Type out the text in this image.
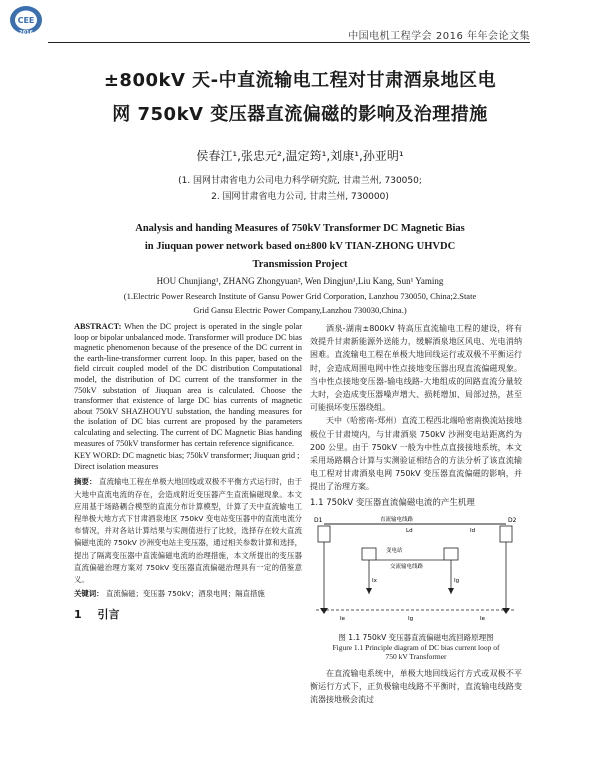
CEE
2016	中国电机工程学会 2016 年年会论文集
±800kV 天-中直流输电工程对甘肃酒泉地区电
网 750kV 变压器直流偏磁的影响及治理措施
侯春江¹,张忠元²,温定筠¹,刘康¹,孙亚明¹
(1. 国网甘肃省电力公司电力科学研究院, 甘肃兰州, 730050;
2. 国网甘肃省电力公司, 甘肃兰州, 730000)
Analysis and handing Measures of 750kV Transformer DC Magnetic Bias
in Jiuquan power network based on±800 kV TIAN-ZHONG UHVDC
Transmission Project
HOU Chunjiang¹, ZHANG Zhongyuan², Wen Dingjun¹,Liu Kang, Sun¹ Yaming
(1.Electric Power Research Institute of Gansu Power Grid Corporation, Lanzhou 730050, China;2.State
Grid Gansu Electric Power Company,Lanzhou 730030,China.)

ABSTRACT: When the DC project is operated in the single polar loop or bipolar unbalanced mode. Transformer will produce DC bias magnetic phenomenon because of the presence of the DC current in the earth-line-transformer current loop. In this paper, based on the field circuit coupled model of the DC distribution Computational model, the distribution of DC current of the transformer in the 750kV substation of Jiuquan area is calculated. Choose the transformer that existence of large DC bias currents of magnetic about 750kV SHAZHOUYU substation, the handing measures for the isolation of DC bias current are proposed by the parameters calculating and selecting. The current of DC Magnetic Bias handing measures of 750kV transformer has certain reference significance.

KEY WORD: DC magnetic bias; 750kV transformer; Jiuquan grid ; Direct isolation measures

摘要： 直流输电工程在单极大地回线或双极不平衡方式运行时，由于大地中直流电流的存在，会造成附近变压器产生直流偏磁现象。本文应用基于场路耦合模型的直流分布计算模型，计算了天中直流输电工程单极大地方式下甘肃酒泉地区 750kV 变电站变压器中的直流电流分布情况，并对各站计算结果与实测值进行了比较，选择存在较大直流偏磁电流的 750kV 沙洲变电站主变压器，通过相关参数计算和选择，提出了隔离变压器中直流偏磁电流的治理措施，本文所提出的变压器直流偏磁治理方案对 750kV 变压器直流偏磁治理具有一定的借鉴意义。

关键词： 直流偏磁；变压器 750kV；酒泉电网；隔直措施

1 引言

酒泉-湖南±800kV 特高压直流输电工程的建设，将有效提升甘肃新能源外送能力，缓解酒泉地区风电、光电消纳困难。直流输电工程在单极大地回线运行或双极不平衡运行时，会造成周围电网中性点接地变压器出现直流偏磁现象。当中性点接地变压器-输电线路-大地组成的回路直流分量较大时，会造成变压器噪声增大、损耗增加、局部过热，甚至可能损坏变压器绕组。

天中（哈密南-郑州）直流工程西北端哈密南换流站接地极位于甘肃境内，与甘肃酒泉 750kV 沙洲变电站距离约为 200 公里。由于 750kV 一般为中性点直接接地系统，本文采用场路耦合计算与实测验证相结合的方法分析了该直流输电工程对甘肃酒泉电网 750kV 变压器直流偏磁的影响，并提出了治理方案。

1.1 750kV 变压器直流偏磁电流的产生机理
D1	D2
直流输电线路
Ld	Id
变电站
交流输电线路
Ix	Ig
Ie	Ig	Ie

图 1.1 750kV 变压器直流偏磁电流回路原理图

Figure 1.1 Principle diagram of DC bias current loop of

750 kV Transformer

在直流输电系统中，单极大地回线运行方式或双极不平衡运行方式下，正负极输电线路不平衡时，直流输电线路变流器接地极会流过
